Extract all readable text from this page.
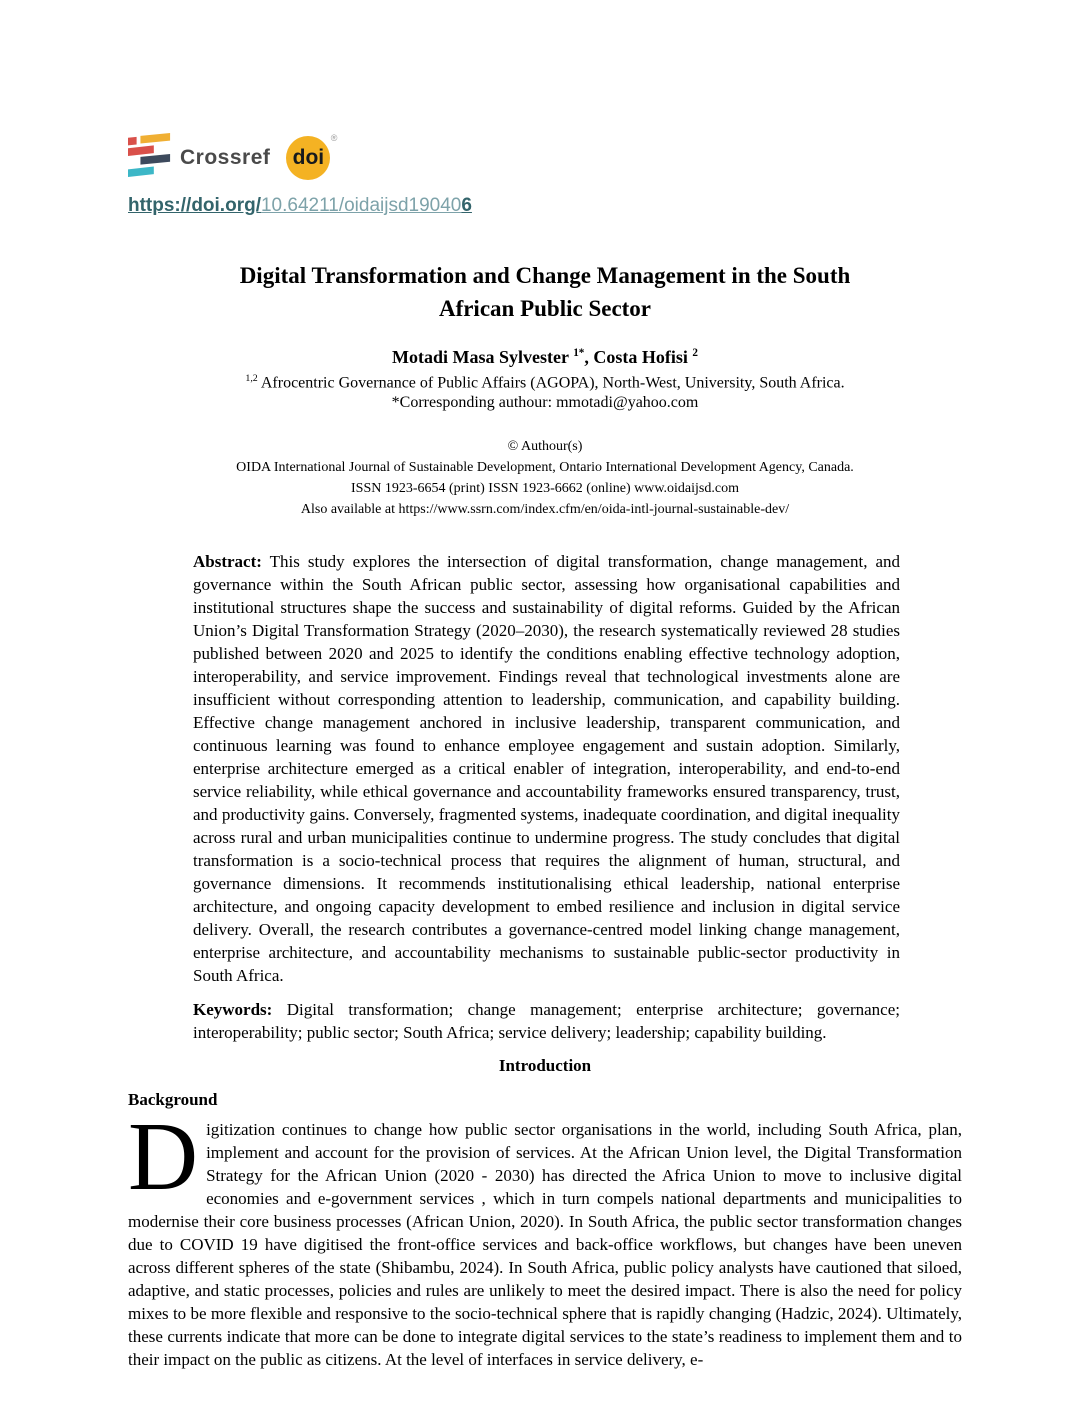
Crossref doi
®
https://doi.org/10.64211/oidaijsd190406
Digital Transformation and Change Management in the South African Public Sector
Motadi Masa Sylvester $^{1*}$, Costa Hofisi $^2$
$^{1,2}$ Afrocentric Governance of Public Affairs (AGOPA), North-West, University, South Africa.
*Corresponding authour: mmotadi@yahoo.com
© Authour(s)
OIDA International Journal of Sustainable Development, Ontario International Development Agency, Canada.
ISSN 1923-6654 (print) ISSN 1923-6662 (online) www.oidaijsd.com
Also available at https://www.ssrn.com/index.cfm/en/oida-intl-journal-sustainable-dev/

Abstract: This study explores the intersection of digital transformation, change management, and governance within the South African public sector, assessing how organisational capabilities and institutional structures shape the success and sustainability of digital reforms. Guided by the African Union’s Digital Transformation Strategy (2020–2030), the research systematically reviewed 28 studies published between 2020 and 2025 to identify the conditions enabling effective technology adoption, interoperability, and service improvement. Findings reveal that technological investments alone are insufficient without corresponding attention to leadership, communication, and capability building. Effective change management anchored in inclusive leadership, transparent communication, and continuous learning was found to enhance employee engagement and sustain adoption. Similarly, enterprise architecture emerged as a critical enabler of integration, interoperability, and end-to-end service reliability, while ethical governance and accountability frameworks ensured transparency, trust, and productivity gains. Conversely, fragmented systems, inadequate coordination, and digital inequality across rural and urban municipalities continue to undermine progress. The study concludes that digital transformation is a socio-technical process that requires the alignment of human, structural, and governance dimensions. It recommends institutionalising ethical leadership, national enterprise architecture, and ongoing capacity development to embed resilience and inclusion in digital service delivery. Overall, the research contributes a governance-centred model linking change management, enterprise architecture, and accountability mechanisms to sustainable public-sector productivity in South Africa.

Keywords: Digital transformation; change management; enterprise architecture; governance; interoperability; public sector; South Africa; service delivery; leadership; capability building.

Introduction
Background

Digitization continues to change how public sector organisations in the world, including South Africa, plan, implement and account for the provision of services. At the African Union level, the Digital Transformation Strategy for the African Union (2020 - 2030) has directed the Africa Union to move to inclusive digital economies and e-government services , which in turn compels national departments and municipalities to modernise their core business processes (African Union, 2020). In South Africa, the public sector transformation changes due to COVID 19 have digitised the front-office services and back-office workflows, but changes have been uneven across different spheres of the state (Shibambu, 2024). In South Africa, public policy analysts have cautioned that siloed, adaptive, and static processes, policies and rules are unlikely to meet the desired impact. There is also the need for policy mixes to be more flexible and responsive to the socio-technical sphere that is rapidly changing (Hadzic, 2024). Ultimately, these currents indicate that more can be done to integrate digital services to the state’s readiness to implement them and to their impact on the public as citizens. At the level of interfaces in service delivery, e-
